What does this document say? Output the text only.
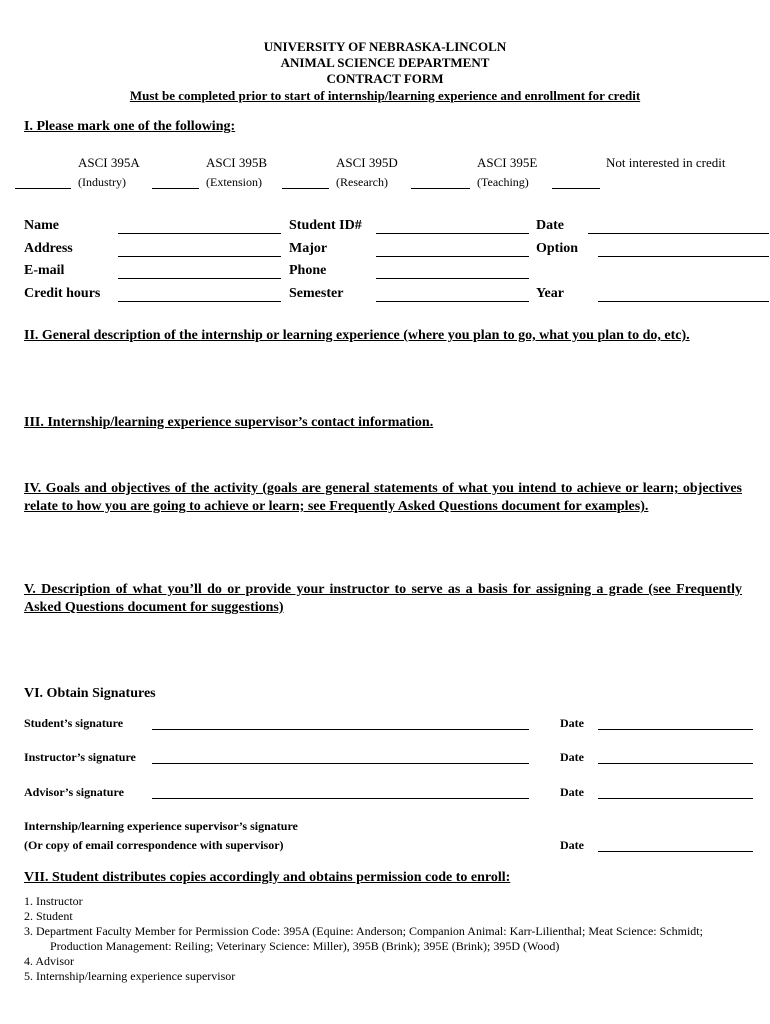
UNIVERSITY OF NEBRASKA-LINCOLN
ANIMAL SCIENCE DEPARTMENT
CONTRACT FORM
Must be completed prior to start of internship/learning experience and enrollment for credit
I. Please mark one of the following:
ASCI 395A	ASCI 395B	ASCI 395D	ASCI 395E	Not interested in credit
(Industry)	(Extension)	(Research)	(Teaching)
Name	Student ID#	Date
Address	Major	Option
E-mail	Phone
Credit hours	Semester	Year
II. General description of the internship or learning experience (where you plan to go, what you plan to do, etc).
III. Internship/learning experience supervisor’s contact information.
IV. Goals and objectives of the activity (goals are general statements of what you intend to achieve or learn; objectives relate to how you are going to achieve or learn; see Frequently Asked Questions document for examples).
V. Description of what you’ll do or provide your instructor to serve as a basis for assigning a grade (see Frequently Asked Questions document for suggestions)
VI. Obtain Signatures
Student’s signature	Date
Instructor’s signature	Date
Advisor’s signature	Date
Internship/learning experience supervisor’s signature
(Or copy of email correspondence with supervisor)	Date
VII. Student distributes copies accordingly and obtains permission code to enroll:
1. Instructor
2. Student
3. Department Faculty Member for Permission Code: 395A (Equine: Anderson; Companion Animal: Karr-Lilienthal; Meat Science: Schmidt;
Production Management: Reiling; Veterinary Science: Miller), 395B (Brink); 395E (Brink); 395D (Wood)
4. Advisor
5. Internship/learning experience supervisor
